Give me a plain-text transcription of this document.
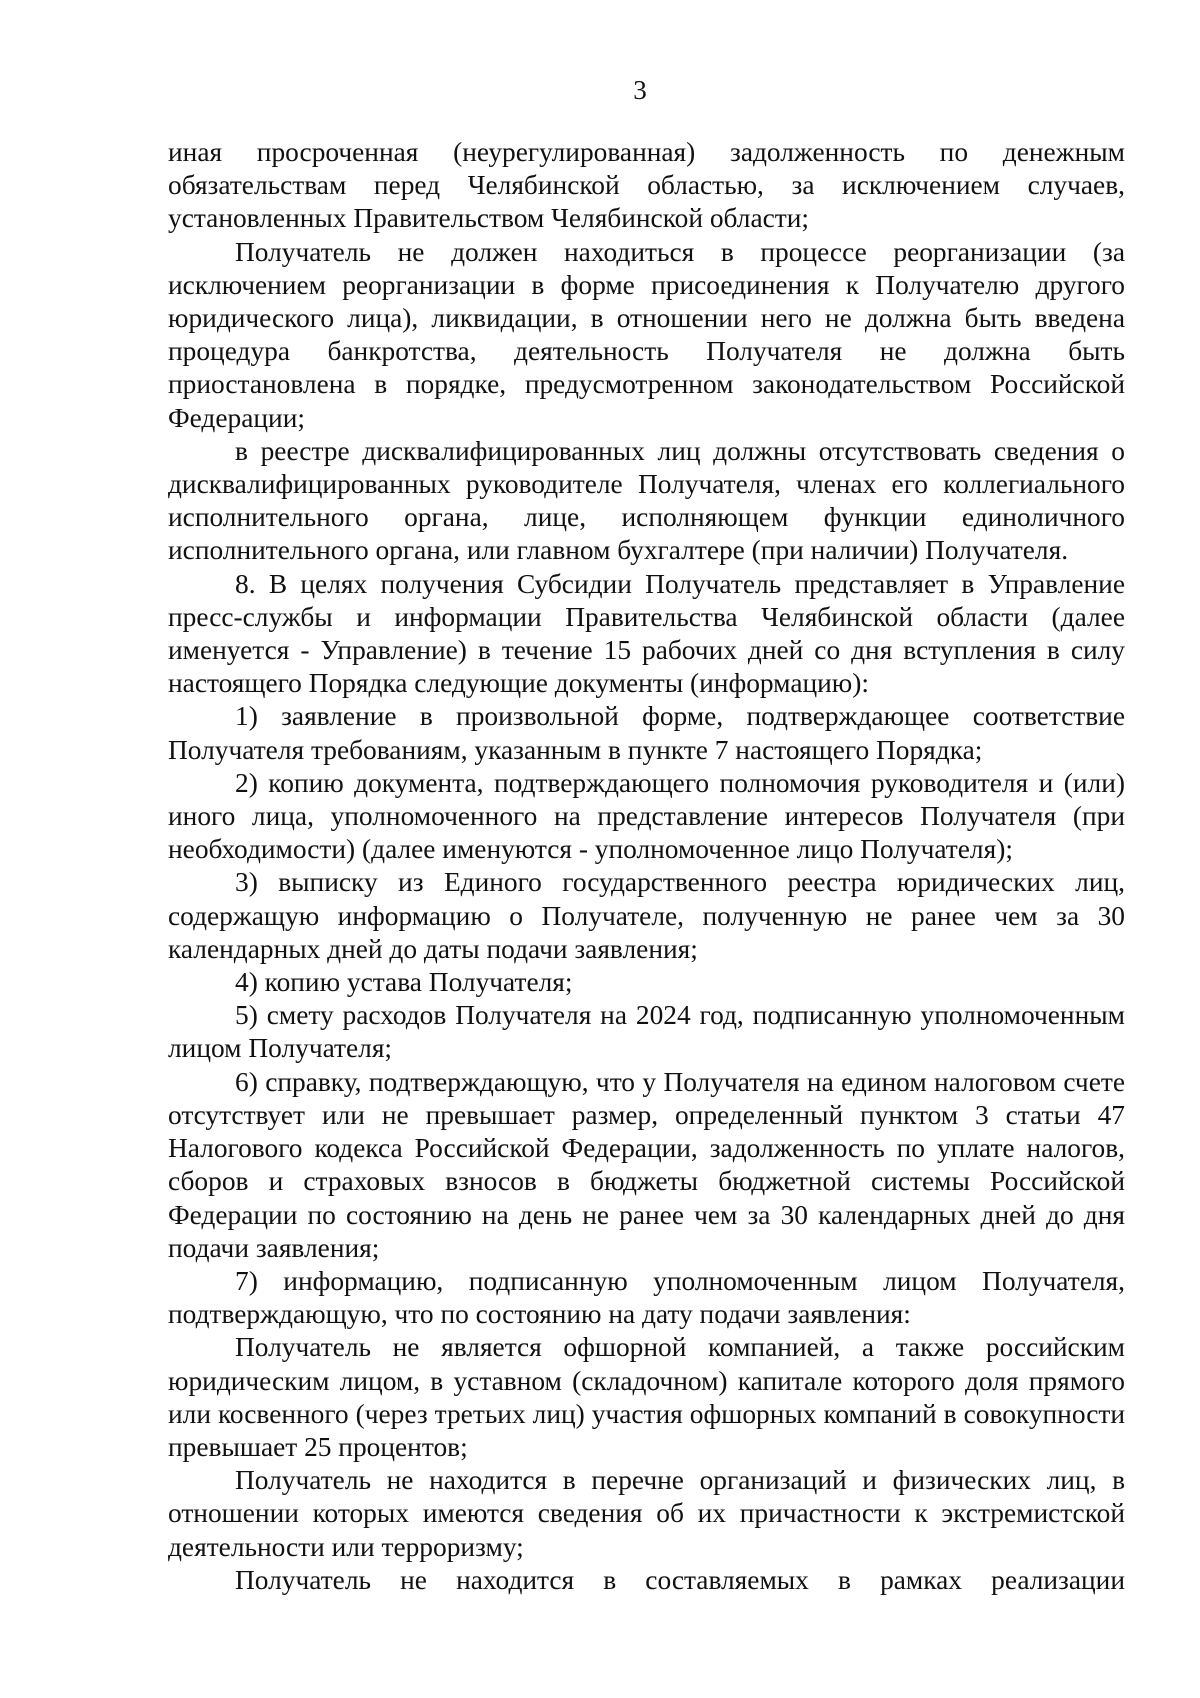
3

иная просроченная (неурегулированная) задолженность по денежным обязательствам перед Челябинской областью, за исключением случаев, установленных Правительством Челябинской области;

Получатель не должен находиться в процессе реорганизации (за исключением реорганизации в форме присоединения к Получателю другого юридического лица), ликвидации, в отношении него не должна быть введена процедура банкротства, деятельность Получателя не должна быть приостановлена в порядке, предусмотренном законодательством Российской Федерации;

в реестре дисквалифицированных лиц должны отсутствовать сведения о дисквалифицированных руководителе Получателя, членах его коллегиального исполнительного органа, лице, исполняющем функции единоличного исполнительного органа, или главном бухгалтере (при наличии) Получателя.

8. В целях получения Субсидии Получатель представляет в Управление пресс-службы и информации Правительства Челябинской области (далее именуется - Управление) в течение 15 рабочих дней со дня вступления в силу настоящего Порядка следующие документы (информацию):

1) заявление в произвольной форме, подтверждающее соответствие Получателя требованиям, указанным в пункте 7 настоящего Порядка;

2) копию документа, подтверждающего полномочия руководителя и (или) иного лица, уполномоченного на представление интересов Получателя (при необходимости) (далее именуются - уполномоченное лицо Получателя);

3) выписку из Единого государственного реестра юридических лиц, содержащую информацию о Получателе, полученную не ранее чем за 30 календарных дней до даты подачи заявления;

4) копию устава Получателя;

5) смету расходов Получателя на 2024 год, подписанную уполномоченным лицом Получателя;

6) справку, подтверждающую, что у Получателя на едином налоговом счете отсутствует или не превышает размер, определенный пунктом 3 статьи 47 Налогового кодекса Российской Федерации, задолженность по уплате налогов, сборов и страховых взносов в бюджеты бюджетной системы Российской Федерации по состоянию на день не ранее чем за 30 календарных дней до дня подачи заявления;

7) информацию, подписанную уполномоченным лицом Получателя, подтверждающую, что по состоянию на дату подачи заявления:

Получатель не является офшорной компанией, а также российским юридическим лицом, в уставном (складочном) капитале которого доля прямого или косвенного (через третьих лиц) участия офшорных компаний в совокупности превышает 25 процентов;

Получатель не находится в перечне организаций и физических лиц, в отношении которых имеются сведения об их причастности к экстремистской деятельности или терроризму;

Получатель не находится в составляемых в рамках реализации
